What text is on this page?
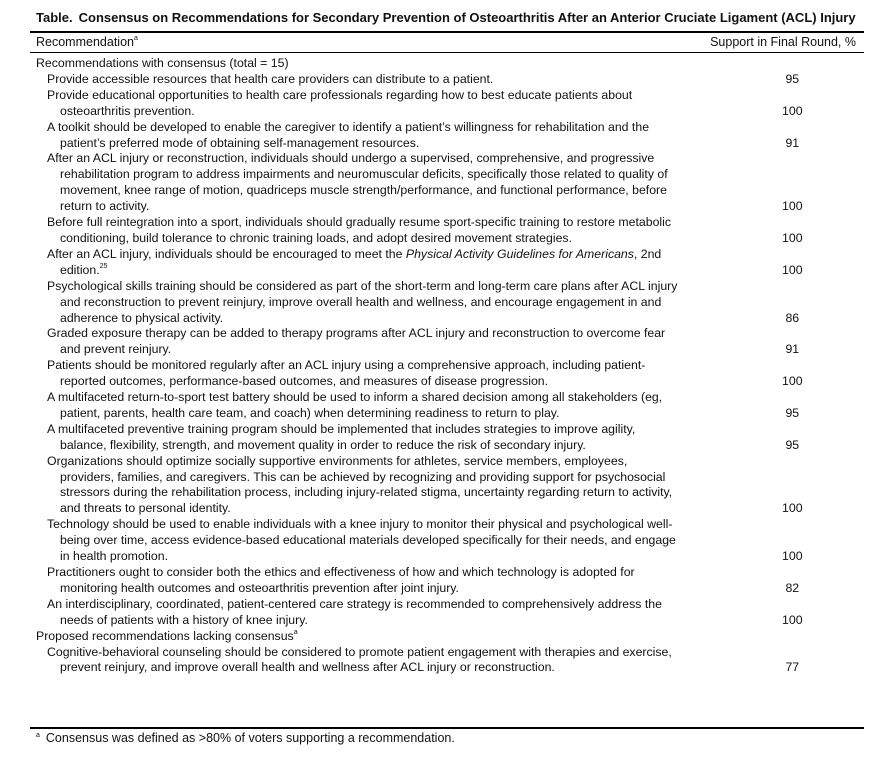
Table. Consensus on Recommendations for Secondary Prevention of Osteoarthritis After an Anterior Cruciate Ligament (ACL) Injury
Recommendation$^a$	Support in Final Round, %
Recommendations with consensus (total = 15)
Provide accessible resources that health care providers can distribute to a patient.	95
Provide educational opportunities to health care professionals regarding how to best educate patients about osteoarthritis prevention.	100
A toolkit should be developed to enable the caregiver to identify a patient’s willingness for rehabilitation and the patient’s preferred mode of obtaining self-management resources.	91
After an ACL injury or reconstruction, individuals should undergo a supervised, comprehensive, and progressive rehabilitation program to address impairments and neuromuscular deficits, specifically those related to quality of movement, knee range of motion, quadriceps muscle strength/performance, and functional performance, before return to activity.	100
Before full reintegration into a sport, individuals should gradually resume sport-specific training to restore metabolic conditioning, build tolerance to chronic training loads, and adopt desired movement strategies.	100
After an ACL injury, individuals should be encouraged to meet the Physical Activity Guidelines for Americans, 2nd edition.$^{25}$	100
Psychological skills training should be considered as part of the short-term and long-term care plans after ACL injury and reconstruction to prevent reinjury, improve overall health and wellness, and encourage engagement in and adherence to physical activity.	86
Graded exposure therapy can be added to therapy programs after ACL injury and reconstruction to overcome fear and prevent reinjury.	91
Patients should be monitored regularly after an ACL injury using a comprehensive approach, including patient-reported outcomes, performance-based outcomes, and measures of disease progression.	100
A multifaceted return-to-sport test battery should be used to inform a shared decision among all stakeholders (eg, patient, parents, health care team, and coach) when determining readiness to return to play.	95
A multifaceted preventive training program should be implemented that includes strategies to improve agility, balance, flexibility, strength, and movement quality in order to reduce the risk of secondary injury.	95
Organizations should optimize socially supportive environments for athletes, service members, employees, providers, families, and caregivers. This can be achieved by recognizing and providing support for psychosocial stressors during the rehabilitation process, including injury-related stigma, uncertainty regarding return to activity, and threats to personal identity.	100
Technology should be used to enable individuals with a knee injury to monitor their physical and psychological well-being over time, access evidence-based educational materials developed specifically for their needs, and engage in health promotion.	100
Practitioners ought to consider both the ethics and effectiveness of how and which technology is adopted for monitoring health outcomes and osteoarthritis prevention after joint injury.	82
An interdisciplinary, coordinated, patient-centered care strategy is recommended to comprehensively address the needs of patients with a history of knee injury.	100
Proposed recommendations lacking consensus$^a$
Cognitive-behavioral counseling should be considered to promote patient engagement with therapies and exercise, prevent reinjury, and improve overall health and wellness after ACL injury or reconstruction.	77
$^a$ Consensus was defined as >80% of voters supporting a recommendation.
